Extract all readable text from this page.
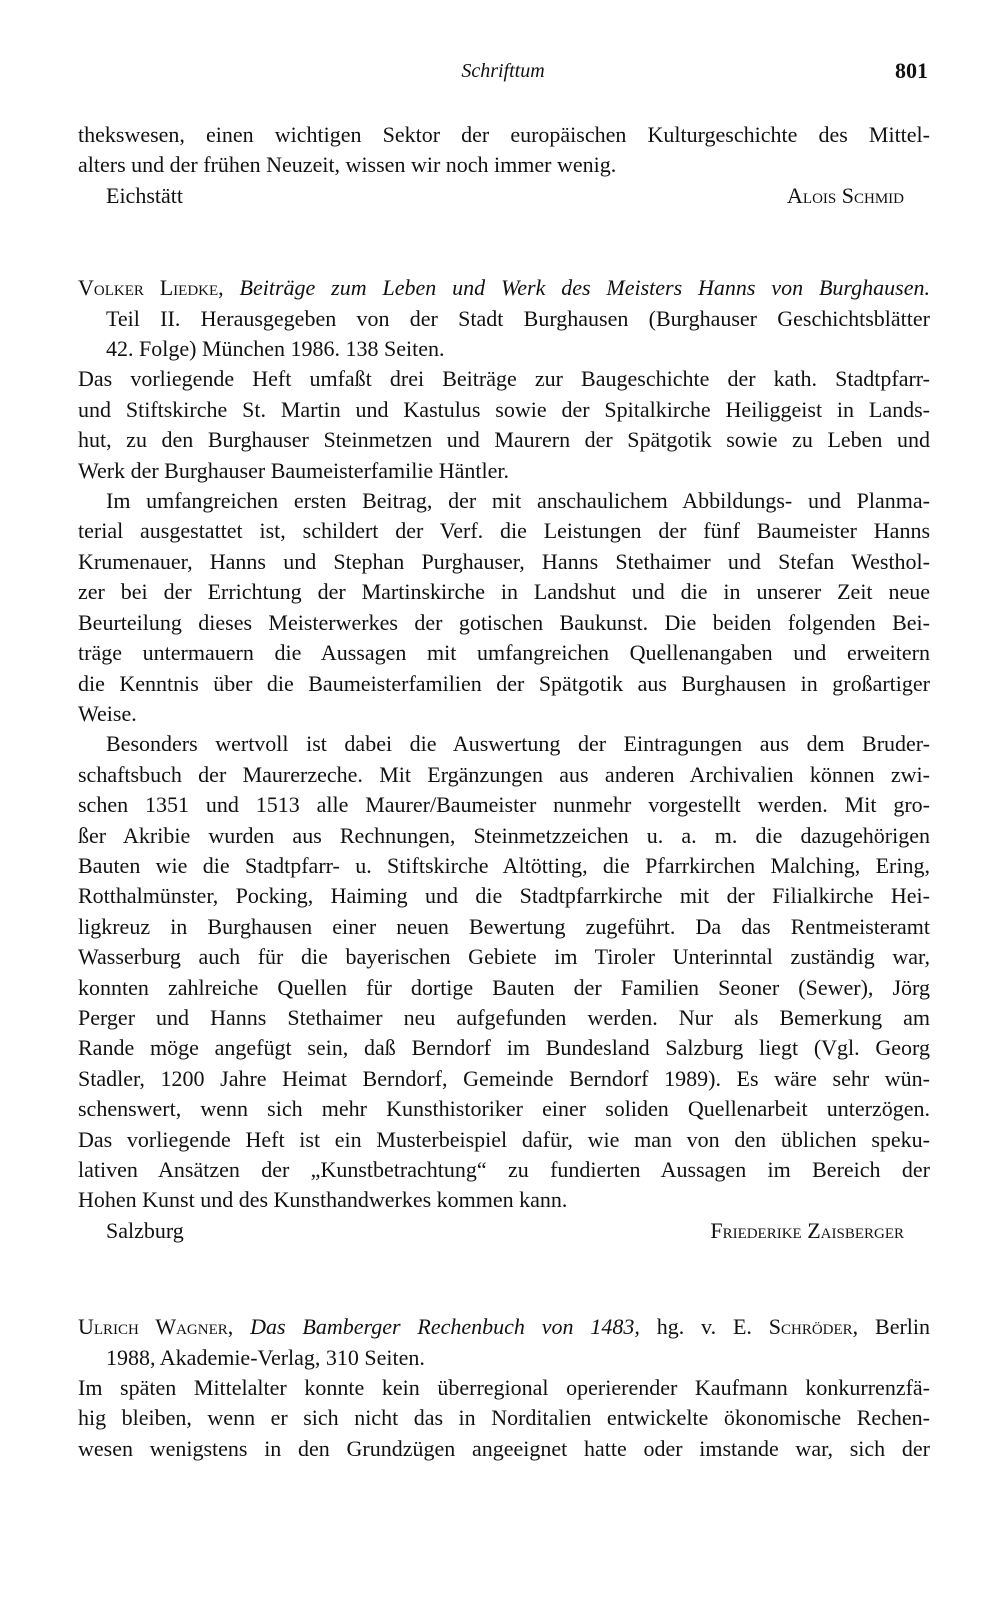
Schrifttum	801
thekswesen, einen wichtigen Sektor der europäischen Kulturgeschichte des Mittel-
alters und der frühen Neuzeit, wissen wir noch immer wenig.
Eichstätt	Alois Schmid
Volker Liedke, Beiträge zum Leben und Werk des Meisters Hanns von Burghausen.
Teil II. Herausgegeben von der Stadt Burghausen (Burghauser Geschichtsblätter
42. Folge) München 1986. 138 Seiten.
Das vorliegende Heft umfaßt drei Beiträge zur Baugeschichte der kath. Stadtpfarr-
und Stiftskirche St. Martin und Kastulus sowie der Spitalkirche Heiliggeist in Lands-
hut, zu den Burghauser Steinmetzen und Maurern der Spätgotik sowie zu Leben und
Werk der Burghauser Baumeisterfamilie Häntler.
Im umfangreichen ersten Beitrag, der mit anschaulichem Abbildungs- und Planma-
terial ausgestattet ist, schildert der Verf. die Leistungen der fünf Baumeister Hanns
Krumenauer, Hanns und Stephan Purghauser, Hanns Stethaimer und Stefan Westhol-
zer bei der Errichtung der Martinskirche in Landshut und die in unserer Zeit neue
Beurteilung dieses Meisterwerkes der gotischen Baukunst. Die beiden folgenden Bei-
träge untermauern die Aussagen mit umfangreichen Quellenangaben und erweitern
die Kenntnis über die Baumeisterfamilien der Spätgotik aus Burghausen in großartiger
Weise.
Besonders wertvoll ist dabei die Auswertung der Eintragungen aus dem Bruder-
schaftsbuch der Maurerzeche. Mit Ergänzungen aus anderen Archivalien können zwi-
schen 1351 und 1513 alle Maurer/Baumeister nunmehr vorgestellt werden. Mit gro-
ßer Akribie wurden aus Rechnungen, Steinmetzzeichen u. a. m. die dazugehörigen
Bauten wie die Stadtpfarr- u. Stiftskirche Altötting, die Pfarrkirchen Malching, Ering,
Rotthalmünster, Pocking, Haiming und die Stadtpfarrkirche mit der Filialkirche Hei-
ligkreuz in Burghausen einer neuen Bewertung zugeführt. Da das Rentmeisteramt
Wasserburg auch für die bayerischen Gebiete im Tiroler Unterinntal zuständig war,
konnten zahlreiche Quellen für dortige Bauten der Familien Seoner (Sewer), Jörg
Perger und Hanns Stethaimer neu aufgefunden werden. Nur als Bemerkung am
Rande möge angefügt sein, daß Berndorf im Bundesland Salzburg liegt (Vgl. Georg
Stadler, 1200 Jahre Heimat Berndorf, Gemeinde Berndorf 1989). Es wäre sehr wün-
schenswert, wenn sich mehr Kunsthistoriker einer soliden Quellenarbeit unterzögen.
Das vorliegende Heft ist ein Musterbeispiel dafür, wie man von den üblichen speku-
lativen Ansätzen der „Kunstbetrachtung“ zu fundierten Aussagen im Bereich der
Hohen Kunst und des Kunsthandwerkes kommen kann.
Salzburg	Friederike Zaisberger
Ulrich Wagner, Das Bamberger Rechenbuch von 1483, hg. v. E. Schröder, Berlin
1988, Akademie-Verlag, 310 Seiten.
Im späten Mittelalter konnte kein überregional operierender Kaufmann konkurrenzfä-
hig bleiben, wenn er sich nicht das in Norditalien entwickelte ökonomische Rechen-
wesen wenigstens in den Grundzügen angeeignet hatte oder imstande war, sich der
